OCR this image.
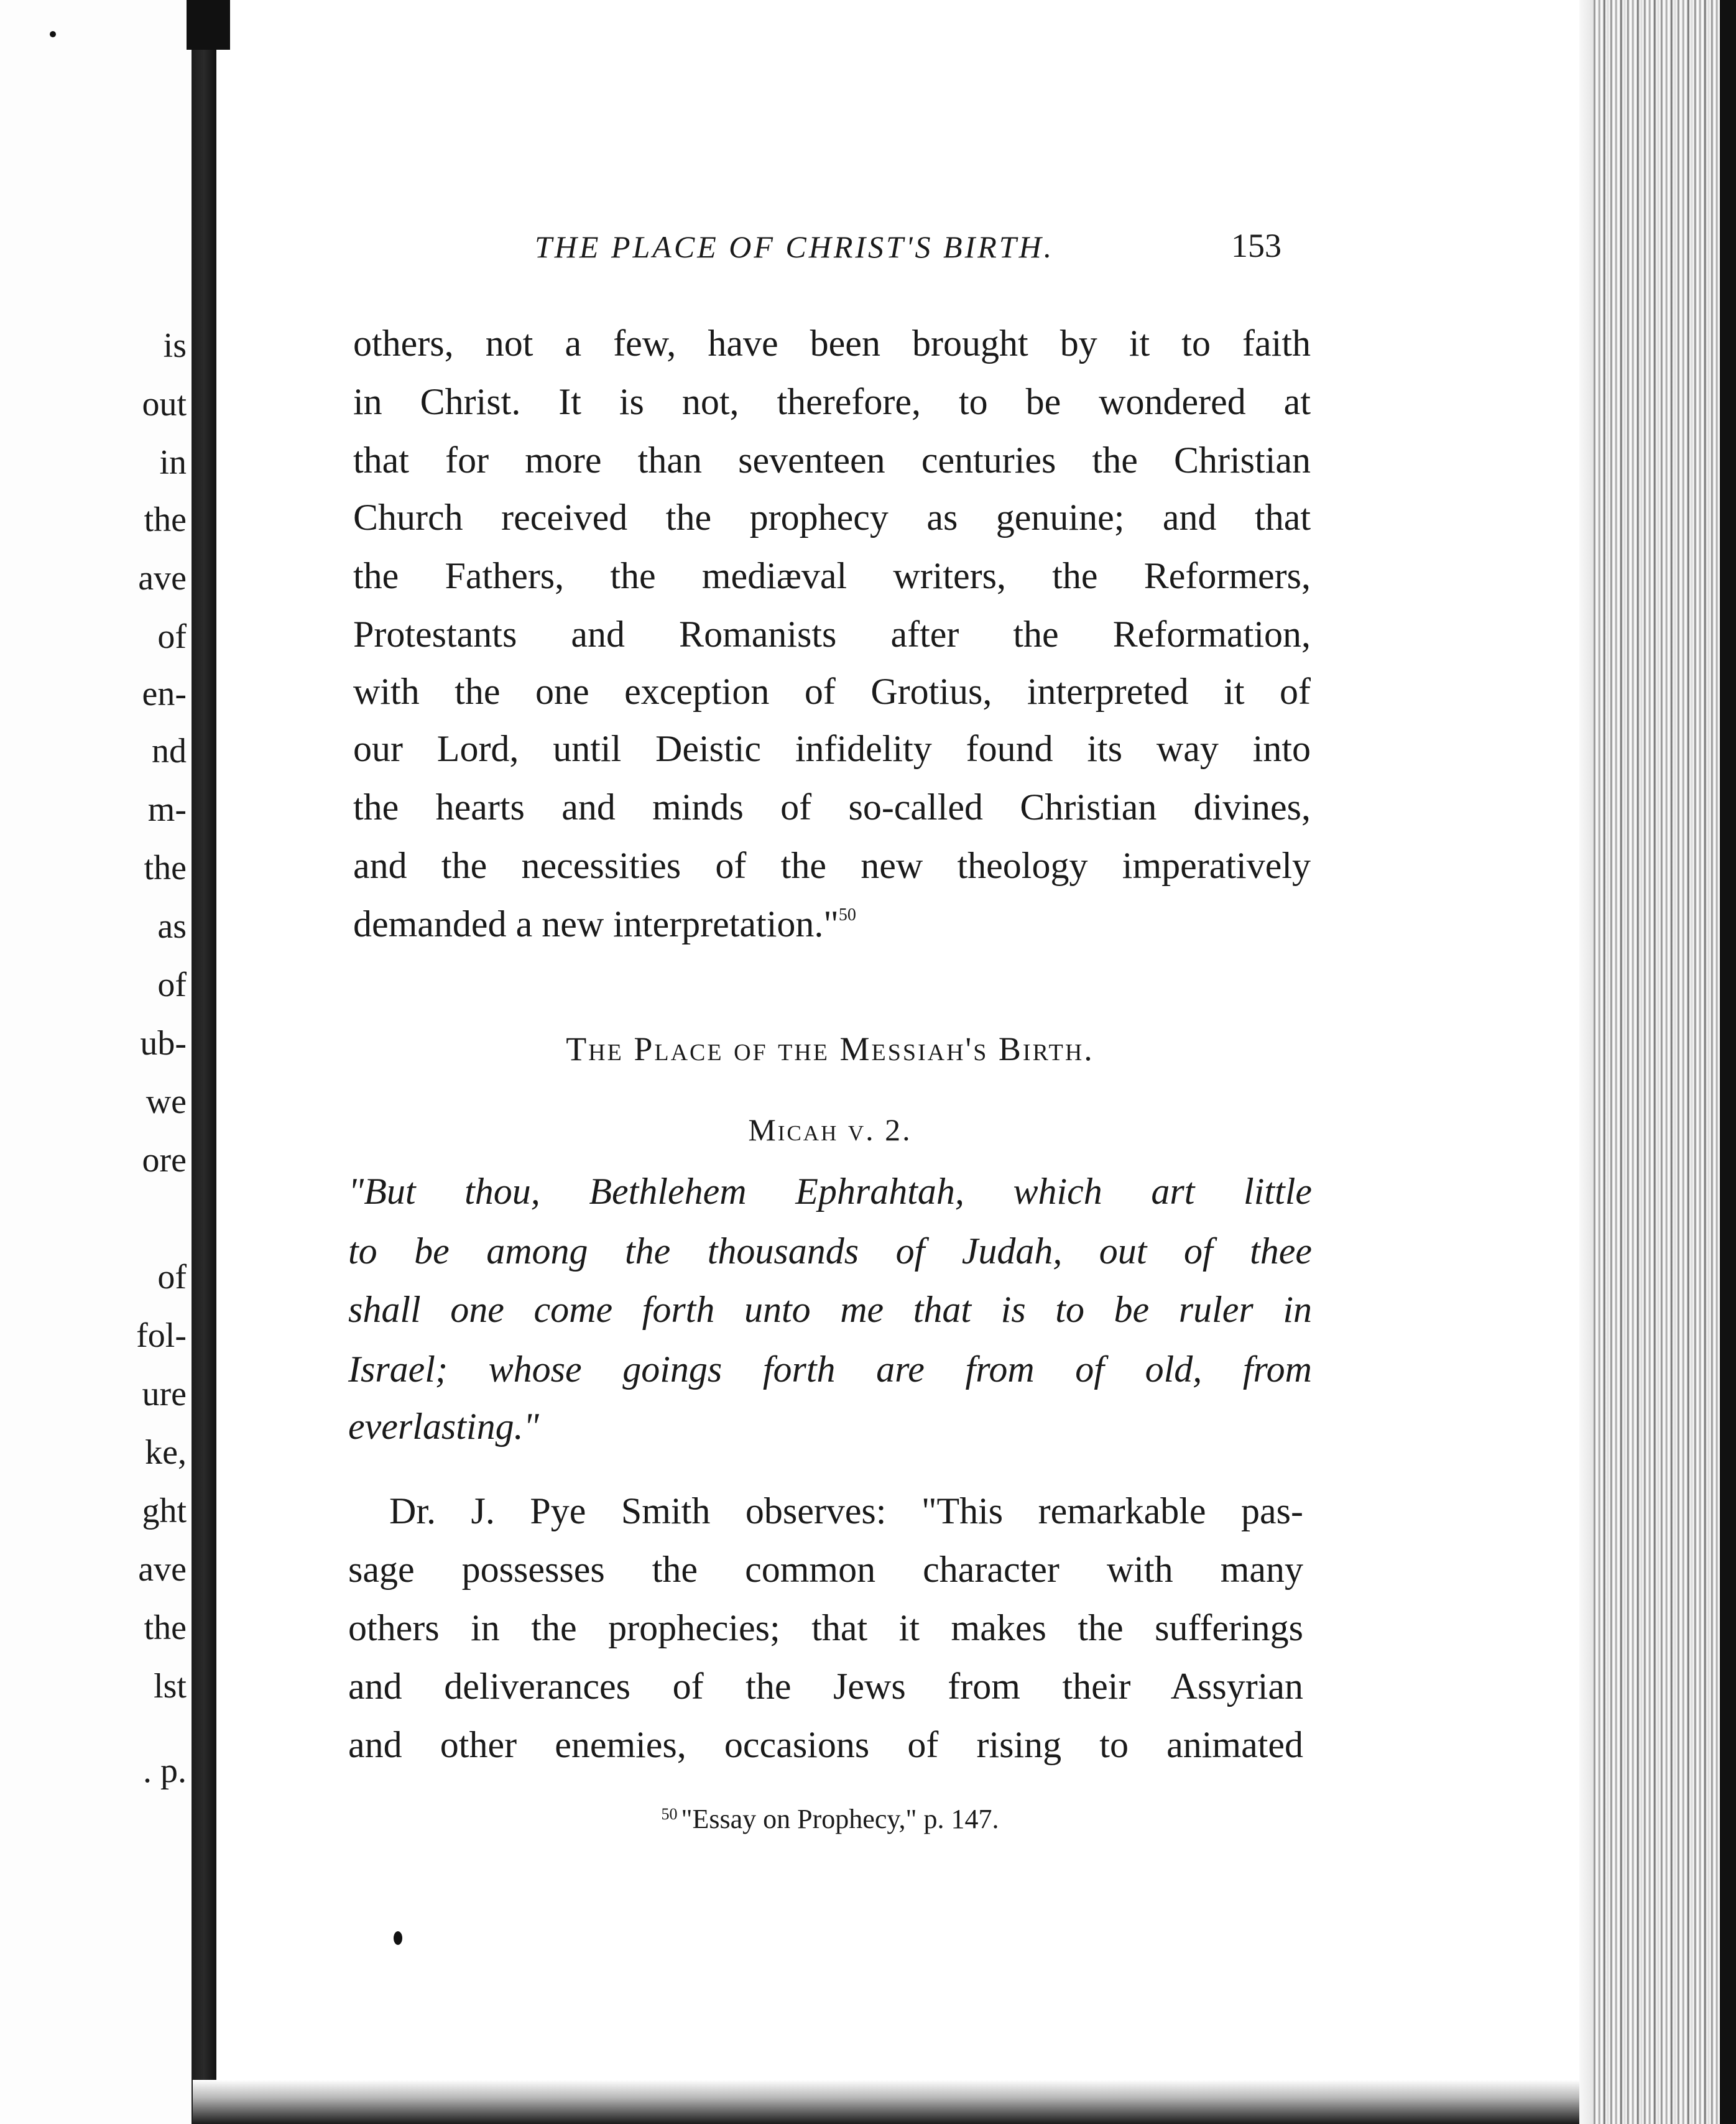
is
out
in
the
ave
of
en-
nd
m-
the
as
of
ub-
we
ore
of
fol-
ure
ke,
ght
ave
the
lst
. p.
THE PLACE OF CHRIST'S BIRTH.	153
others, not a few, have been brought by it to faith
in Christ. It is not, therefore, to be wondered at
that for more than seventeen centuries the Christian
Church received the prophecy as genuine; and that
the Fathers, the mediæval writers, the Reformers,
Protestants and Romanists after the Reformation,
with the one exception of Grotius, interpreted it of
our Lord, until Deistic infidelity found its way into
the hearts and minds of so-called Christian divines,
and the necessities of the new theology imperatively
demanded a new interpretation."$^{50}$
The Place of the Messiah's Birth.
Micah v. 2.
"But thou, Bethlehem Ephrahtah, which art little
to be among the thousands of Judah, out of thee
shall one come forth unto me that is to be ruler in
Israel; whose goings forth are from of old, from
everlasting."
Dr. J. Pye Smith observes: "This remarkable pas-
sage possesses the common character with many
others in the prophecies; that it makes the sufferings
and deliverances of the Jews from their Assyrian
and other enemies, occasions of rising to animated
$^{50}$ "Essay on Prophecy," p. 147.
